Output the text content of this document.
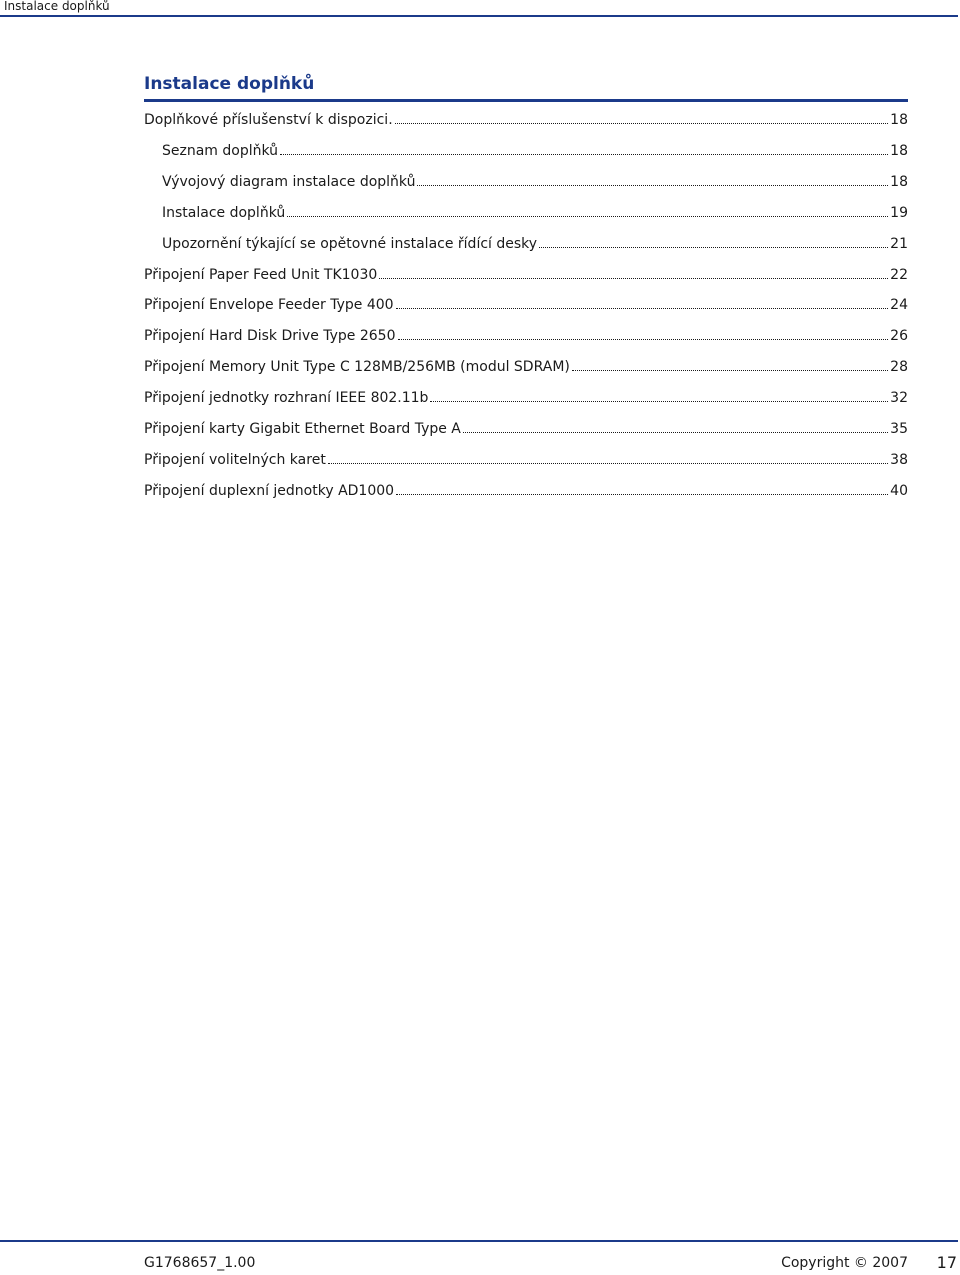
Instalace doplňků
Instalace doplňků
Doplňkové příslušenství k dispozici.	18
Seznam doplňků	18
Vývojový diagram instalace doplňků	18
Instalace doplňků	19
Upozornění týkající se opětovné instalace řídící desky	21
Připojení Paper Feed Unit TK1030	22
Připojení Envelope Feeder Type 400	24
Připojení Hard Disk Drive Type 2650	26
Připojení Memory Unit Type C 128MB/256MB (modul SDRAM)	28
Připojení jednotky rozhraní IEEE 802.11b	32
Připojení karty Gigabit Ethernet Board Type A	35
Připojení volitelných karet	38
Připojení duplexní jednotky AD1000	40
G1768657_1.00	Copyright © 2007 17
